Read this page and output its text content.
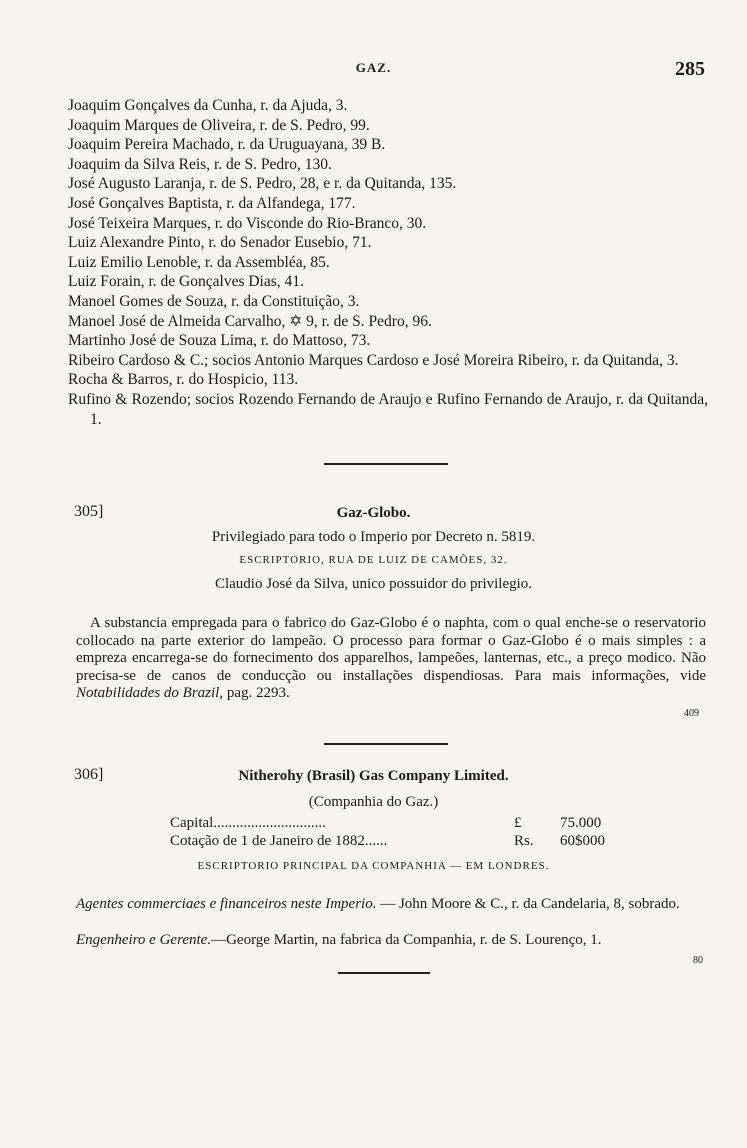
GAZ.	285
Joaquim Gonçalves da Cunha, r. da Ajuda, 3.
Joaquim Marques de Oliveira, r. de S. Pedro, 99.
Joaquim Pereira Machado, r. da Uruguayana, 39 B.
Joaquim da Silva Reis, r. de S. Pedro, 130.
José Augusto Laranja, r. de S. Pedro, 28, e r. da Quitanda, 135.
José Gonçalves Baptista, r. da Alfandega, 177.
José Teixeira Marques, r. do Visconde do Rio-Branco, 30.
Luiz Alexandre Pinto, r. do Senador Eusebio, 71.
Luiz Emilio Lenoble, r. da Assembléa, 85.
Luiz Forain, r. de Gonçalves Dias, 41.
Manoel Gomes de Souza, r. da Constituição, 3.
Manoel José de Almeida Carvalho, ✡ 9, r. de S. Pedro, 96.
Martinho José de Souza Lima, r. do Mattoso, 73.
Ribeiro Cardoso & C.; socios Antonio Marques Cardoso e José Moreira Ribeiro, r. da Quitanda, 3.
Rocha & Barros, r. do Hospicio, 113.
Rufino & Rozendo; socios Rozendo Fernando de Araujo e Rufino Fernando de Araujo, r. da Quitanda, 1.
305]	Gaz-Globo.
Privilegiado para todo o Imperio por Decreto n. 5819.
ESCRIPTORIO, RUA DE LUIZ DE CAMÕES, 32.
Claudio José da Silva, unico possuidor do privilegio.
A substancia empregada para o fabrico do Gaz-Globo é o naphta, com o qual enche-se o reservatorio collocado na parte exterior do lampeão. O processo para formar o Gaz-Globo é o mais simples : a empreza encarrega-se do fornecimento dos apparelhos, lampeões, lanternas, etc., a preço modico. Não precisa-se de canos de conducção ou installações dispendiosas. Para mais informações, vide Notabilidades do Brazil, pag. 2293.
409
306]	Nitherohy (Brasil) Gas Company Limited.
(Companhia do Gaz.)
Capital..............................	£	75.000
Cotação de 1 de Janeiro de 1882......	Rs. 60$000
ESCRIPTORIO PRINCIPAL DA COMPANHIA — EM LONDRES.
Agentes commerciaes e financeiros neste Imperio. — John Moore & C., r. da Candelaria, 8, sobrado.
Engenheiro e Gerente.—George Martin, na fabrica da Companhia, r. de S. Lourenço, 1.
80
